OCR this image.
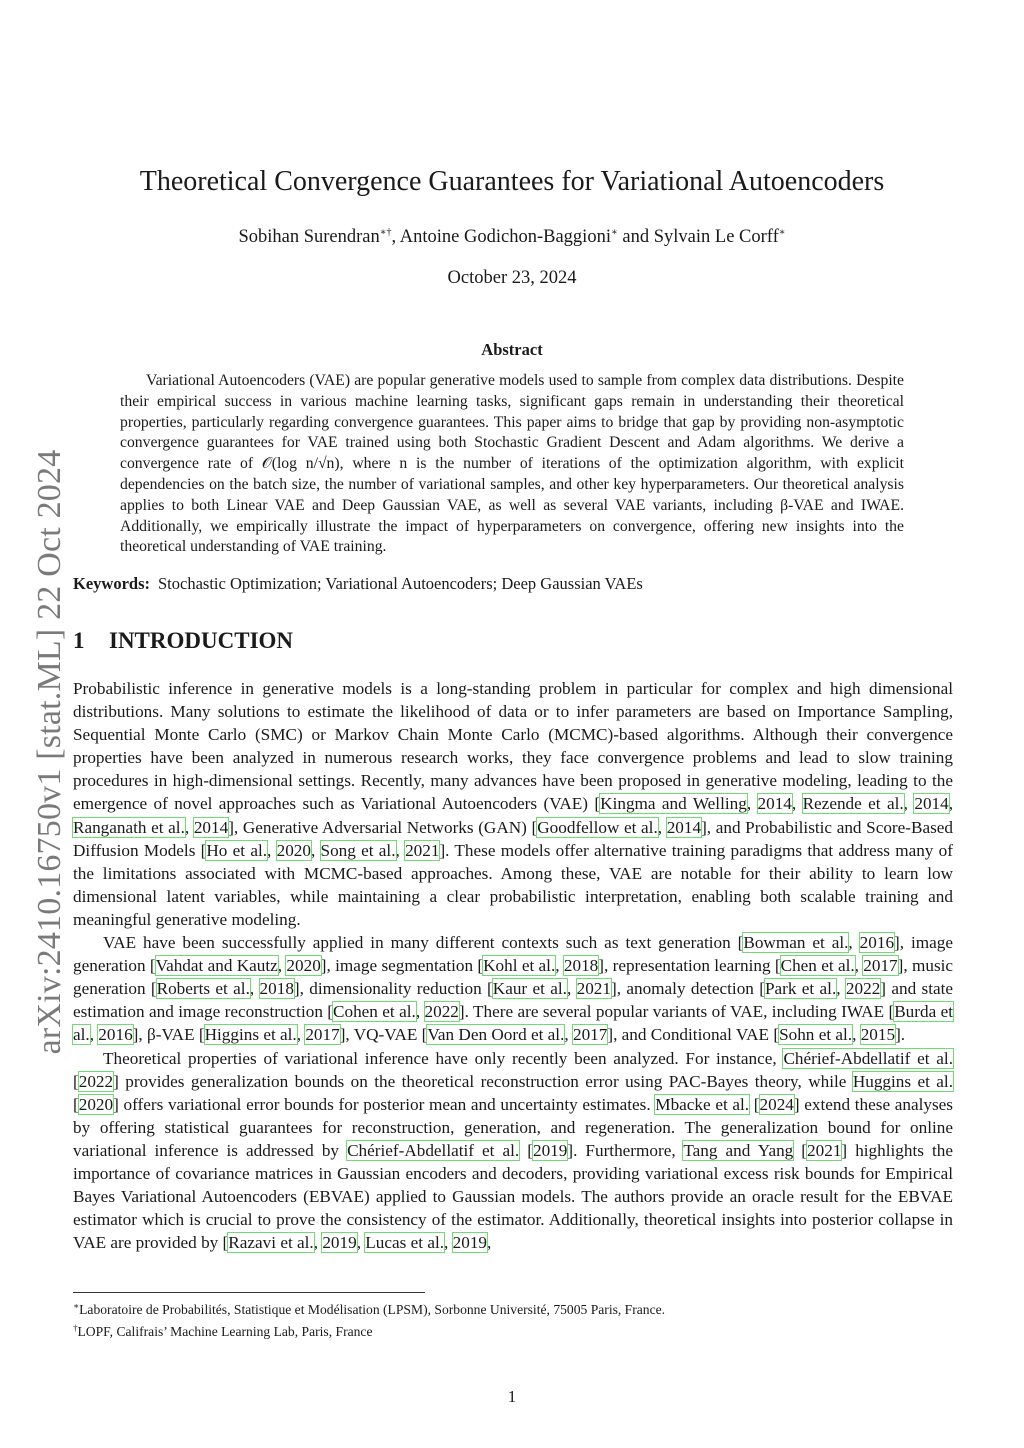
arXiv:2410.16750v1 [stat.ML] 22 Oct 2024
Theoretical Convergence Guarantees for Variational Autoencoders
Sobihan Surendran∗†, Antoine Godichon-Baggioni∗ and Sylvain Le Corff∗
October 23, 2024
Abstract
Variational Autoencoders (VAE) are popular generative models used to sample from complex data distributions. Despite their empirical success in various machine learning tasks, significant gaps remain in understanding their theoretical properties, particularly regarding convergence guarantees. This paper aims to bridge that gap by providing non-asymptotic convergence guarantees for VAE trained using both Stochastic Gradient Descent and Adam algorithms. We derive a convergence rate of 𝒪(log n/√n), where n is the number of iterations of the optimization algorithm, with explicit dependencies on the batch size, the number of variational samples, and other key hyperparameters. Our theoretical analysis applies to both Linear VAE and Deep Gaussian VAE, as well as several VAE variants, including β-VAE and IWAE. Additionally, we empirically illustrate the impact of hyperparameters on convergence, offering new insights into the theoretical understanding of VAE training.
Keywords: Stochastic Optimization; Variational Autoencoders; Deep Gaussian VAEs
1 INTRODUCTION

Probabilistic inference in generative models is a long-standing problem in particular for complex and high dimensional distributions. Many solutions to estimate the likelihood of data or to infer parameters are based on Importance Sampling, Sequential Monte Carlo (SMC) or Markov Chain Monte Carlo (MCMC)-based algorithms. Although their convergence properties have been analyzed in numerous research works, they face convergence problems and lead to slow training procedures in high-dimensional settings. Recently, many advances have been proposed in generative modeling, leading to the emergence of novel approaches such as Variational Autoencoders (VAE) [Kingma and Welling, 2014, Rezende et al., 2014, Ranganath et al., 2014], Generative Adversarial Networks (GAN) [Goodfellow et al., 2014], and Probabilistic and Score-Based Diffusion Models [Ho et al., 2020, Song et al., 2021]. These models offer alternative training paradigms that address many of the limitations associated with MCMC-based approaches. Among these, VAE are notable for their ability to learn low dimensional latent variables, while maintaining a clear probabilistic interpretation, enabling both scalable training and meaningful generative modeling.

VAE have been successfully applied in many different contexts such as text generation [Bowman et al., 2016], image generation [Vahdat and Kautz, 2020], image segmentation [Kohl et al., 2018], representation learning [Chen et al., 2017], music generation [Roberts et al., 2018], dimensionality reduction [Kaur et al., 2021], anomaly detection [Park et al., 2022] and state estimation and image reconstruction [Cohen et al., 2022]. There are several popular variants of VAE, including IWAE [Burda et al., 2016], β-VAE [Higgins et al., 2017], VQ-VAE [Van Den Oord et al., 2017], and Conditional VAE [Sohn et al., 2015].

Theoretical properties of variational inference have only recently been analyzed. For instance, Chérief-Abdellatif et al. [2022] provides generalization bounds on the theoretical reconstruction error using PAC-Bayes theory, while Huggins et al. [2020] offers variational error bounds for posterior mean and uncertainty estimates. Mbacke et al. [2024] extend these analyses by offering statistical guarantees for reconstruction, generation, and regeneration. The generalization bound for online variational inference is addressed by Chérief-Abdellatif et al. [2019]. Furthermore, Tang and Yang [2021] highlights the importance of covariance matrices in Gaussian encoders and decoders, providing variational excess risk bounds for Empirical Bayes Variational Autoencoders (EBVAE) applied to Gaussian models. The authors provide an oracle result for the EBVAE estimator which is crucial to prove the consistency of the estimator. Additionally, theoretical insights into posterior collapse in VAE are provided by [Razavi et al., 2019, Lucas et al., 2019,

∗Laboratoire de Probabilités, Statistique et Modélisation (LPSM), Sorbonne Université, 75005 Paris, France.
†LOPF, Califrais’ Machine Learning Lab, Paris, France
1
